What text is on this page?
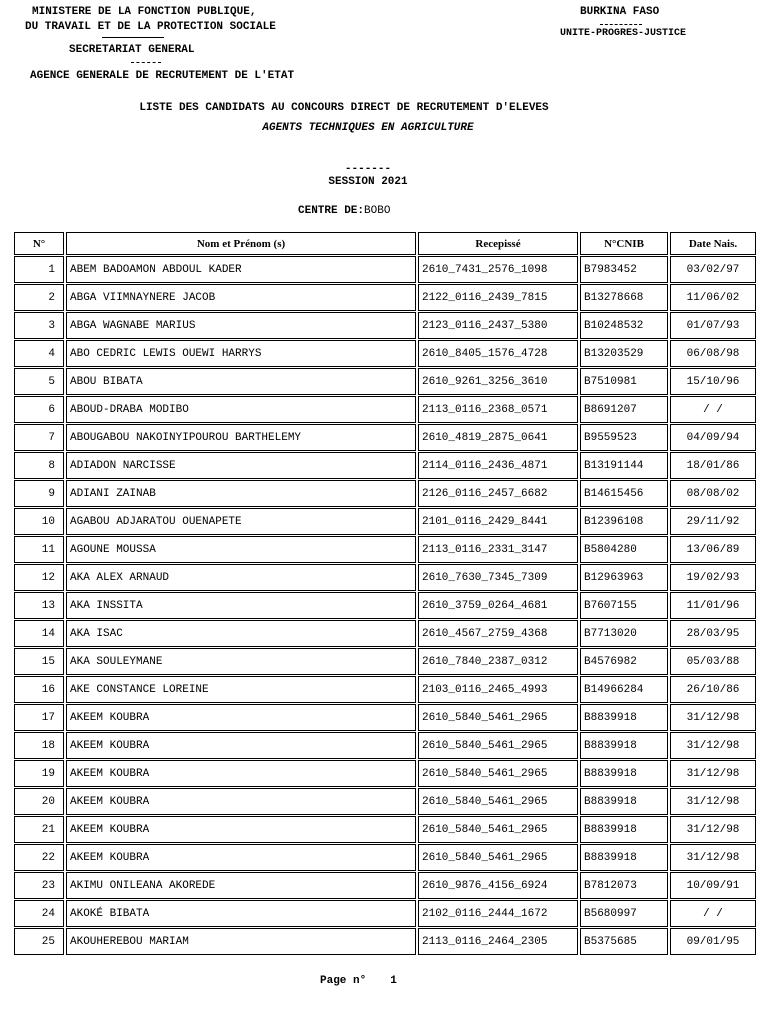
MINISTERE DE LA FONCTION PUBLIQUE,
DU TRAVAIL ET DE LA PROTECTION SOCIALE
SECRETARIAT GENERAL
AGENCE GENERALE DE RECRUTEMENT DE L'ETAT
BURKINA FASO
UNITE-PROGRES-JUSTICE
LISTE DES CANDIDATS AU CONCOURS DIRECT DE RECRUTEMENT D'ELEVES
AGENTS TECHNIQUES EN AGRICULTURE
-------
SESSION 2021
CENTRE DE:BOBO
N°	Nom et Prénom (s)	Recepissé	N°CNIB	Date Nais.

1	ABEM BADOAMON ABDOUL KADER	2610_7431_2576_1098	B7983452	03/02/97

2	ABGA VIIMNAYNERE JACOB	2122_0116_2439_7815	B13278668	11/06/02

3	ABGA WAGNABE MARIUS	2123_0116_2437_5380	B10248532	01/07/93

4	ABO CEDRIC LEWIS OUEWI HARRYS	2610_8405_1576_4728	B13203529	06/08/98

5	ABOU BIBATA	2610_9261_3256_3610	B7510981	15/10/96

6	ABOUD-DRABA MODIBO	2113_0116_2368_0571	B8691207	/ /

7	ABOUGABOU NAKOINYIPOUROU BARTHELEMY	2610_4819_2875_0641	B9559523	04/09/94

8	ADIADON NARCISSE	2114_0116_2436_4871	B13191144	18/01/86

9	ADIANI ZAINAB	2126_0116_2457_6682	B14615456	08/08/02

10	AGABOU ADJARATOU OUENAPETE	2101_0116_2429_8441	B12396108	29/11/92

11	AGOUNE MOUSSA	2113_0116_2331_3147	B5804280	13/06/89

12	AKA ALEX ARNAUD	2610_7630_7345_7309	B12963963	19/02/93

13	AKA INSSITA	2610_3759_0264_4681	B7607155	11/01/96

14	AKA ISAC	2610_4567_2759_4368	B7713020	28/03/95

15	AKA SOULEYMANE	2610_7840_2387_0312	B4576982	05/03/88

16	AKE CONSTANCE LOREINE	2103_0116_2465_4993	B14966284	26/10/86

17	AKEEM KOUBRA	2610_5840_5461_2965	B8839918	31/12/98

18	AKEEM KOUBRA	2610_5840_5461_2965	B8839918	31/12/98

19	AKEEM KOUBRA	2610_5840_5461_2965	B8839918	31/12/98

20	AKEEM KOUBRA	2610_5840_5461_2965	B8839918	31/12/98

21	AKEEM KOUBRA	2610_5840_5461_2965	B8839918	31/12/98

22	AKEEM KOUBRA	2610_5840_5461_2965	B8839918	31/12/98

23	AKIMU ONILEANA AKOREDE	2610_9876_4156_6924	B7812073	10/09/91

24	AKOKÉ BIBATA	2102_0116_2444_1672	B5680997	/ /

25	AKOUHEREBOU MARIAM	2113_0116_2464_2305	B5375685	09/01/95
Page n° 1
